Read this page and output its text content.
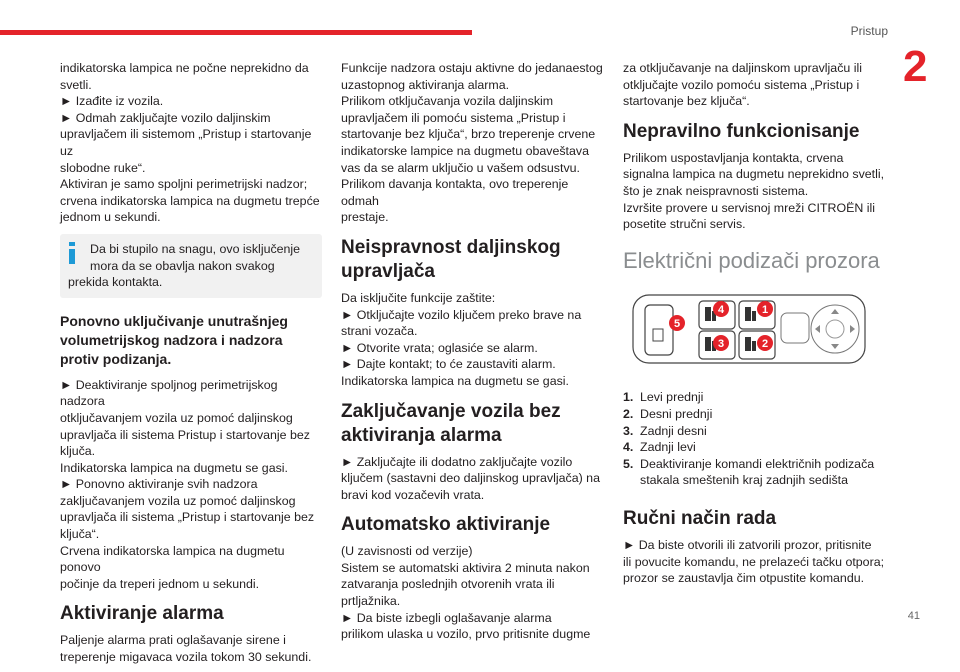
Pristup
2
41

indikatorska lampica ne počne neprekidno da
svetli.
► Izađite iz vozila.
► Odmah zaključajte vozilo daljinskim
upravljačem ili sistemom „Pristup i startovanje uz
slobodne ruke“.
Aktiviran je samo spoljni perimetrijski nadzor;
crvena indikatorska lampica na dugmetu trepće
jednom u sekundi.

Da bi stupilo na snagu, ovo isključenje
mora da se obavlja nakon svakog
prekida kontakta.
Ponovno uključivanje unutrašnjeg
volumetrijskog nadzora i nadzora
protiv podizanja.

► Deaktiviranje spoljnog perimetrijskog nadzora
otključavanjem vozila uz pomoć daljinskog
upravljača ili sistema Pristup i startovanje bez
ključa.
Indikatorska lampica na dugmetu se gasi.
► Ponovno aktiviranje svih nadzora
zaključavanjem vozila uz pomoć daljinskog
upravljača ili sistema „Pristup i startovanje bez
ključa“.
Crvena indikatorska lampica na dugmetu ponovo
počinje da treperi jednom u sekundi.

Aktiviranje alarma

Paljenje alarma prati oglašavanje sirene i
treperenje migavaca vozila tokom 30 sekundi.

Funkcije nadzora ostaju aktivne do jedanaestog
uzastopnog aktiviranja alarma.
Prilikom otključavanja vozila daljinskim
upravljačem ili pomoću sistema „Pristup i
startovanje bez ključa“, brzo treperenje crvene
indikatorske lampice na dugmetu obaveštava
vas da se alarm uključio u vašem odsustvu.
Prilikom davanja kontakta, ovo treperenje odmah
prestaje.

Neispravnost daljinskog
upravljača

Da isključite funkcije zaštite:
► Otključajte vozilo ključem preko brave na
strani vozača.
► Otvorite vrata; oglasiće se alarm.
► Dajte kontakt; to će zaustaviti alarm.
Indikatorska lampica na dugmetu se gasi.

Zaključavanje vozila bez
aktiviranja alarma

► Zaključajte ili dodatno zaključajte vozilo
ključem (sastavni deo daljinskog upravljača) na
bravi kod vozačevih vrata.

Automatsko aktiviranje

(U zavisnosti od verzije)
Sistem se automatski aktivira 2 minuta nakon
zatvaranja poslednjih otvorenih vrata ili
prtljažnika.
► Da biste izbegli oglašavanje alarma
prilikom ulaska u vozilo, prvo pritisnite dugme

za otključavanje na daljinskom upravljaču ili
otključajte vozilo pomoću sistema „Pristup i
startovanje bez ključa“.

Nepravilno funkcionisanje

Prilikom uspostavljanja kontakta, crvena
signalna lampica na dugmetu neprekidno svetli,
što je znak neispravnosti sistema.
Izvršite provere u servisnoj mreži CITROËN ili
posetite stručni servis.

Električni podizači prozora
5
4
3
1
2
1. Levi prednji
2. Desni prednji
3. Zadnji desni
4. Zadnji levi
5. Deaktiviranje komandi električnih podizača
stakala smeštenih kraj zadnjih sedišta
Ručni način rada

► Da biste otvorili ili zatvorili prozor, pritisnite
ili povucite komandu, ne prelazeći tačku otpora;
prozor se zaustavlja čim otpustite komandu.
